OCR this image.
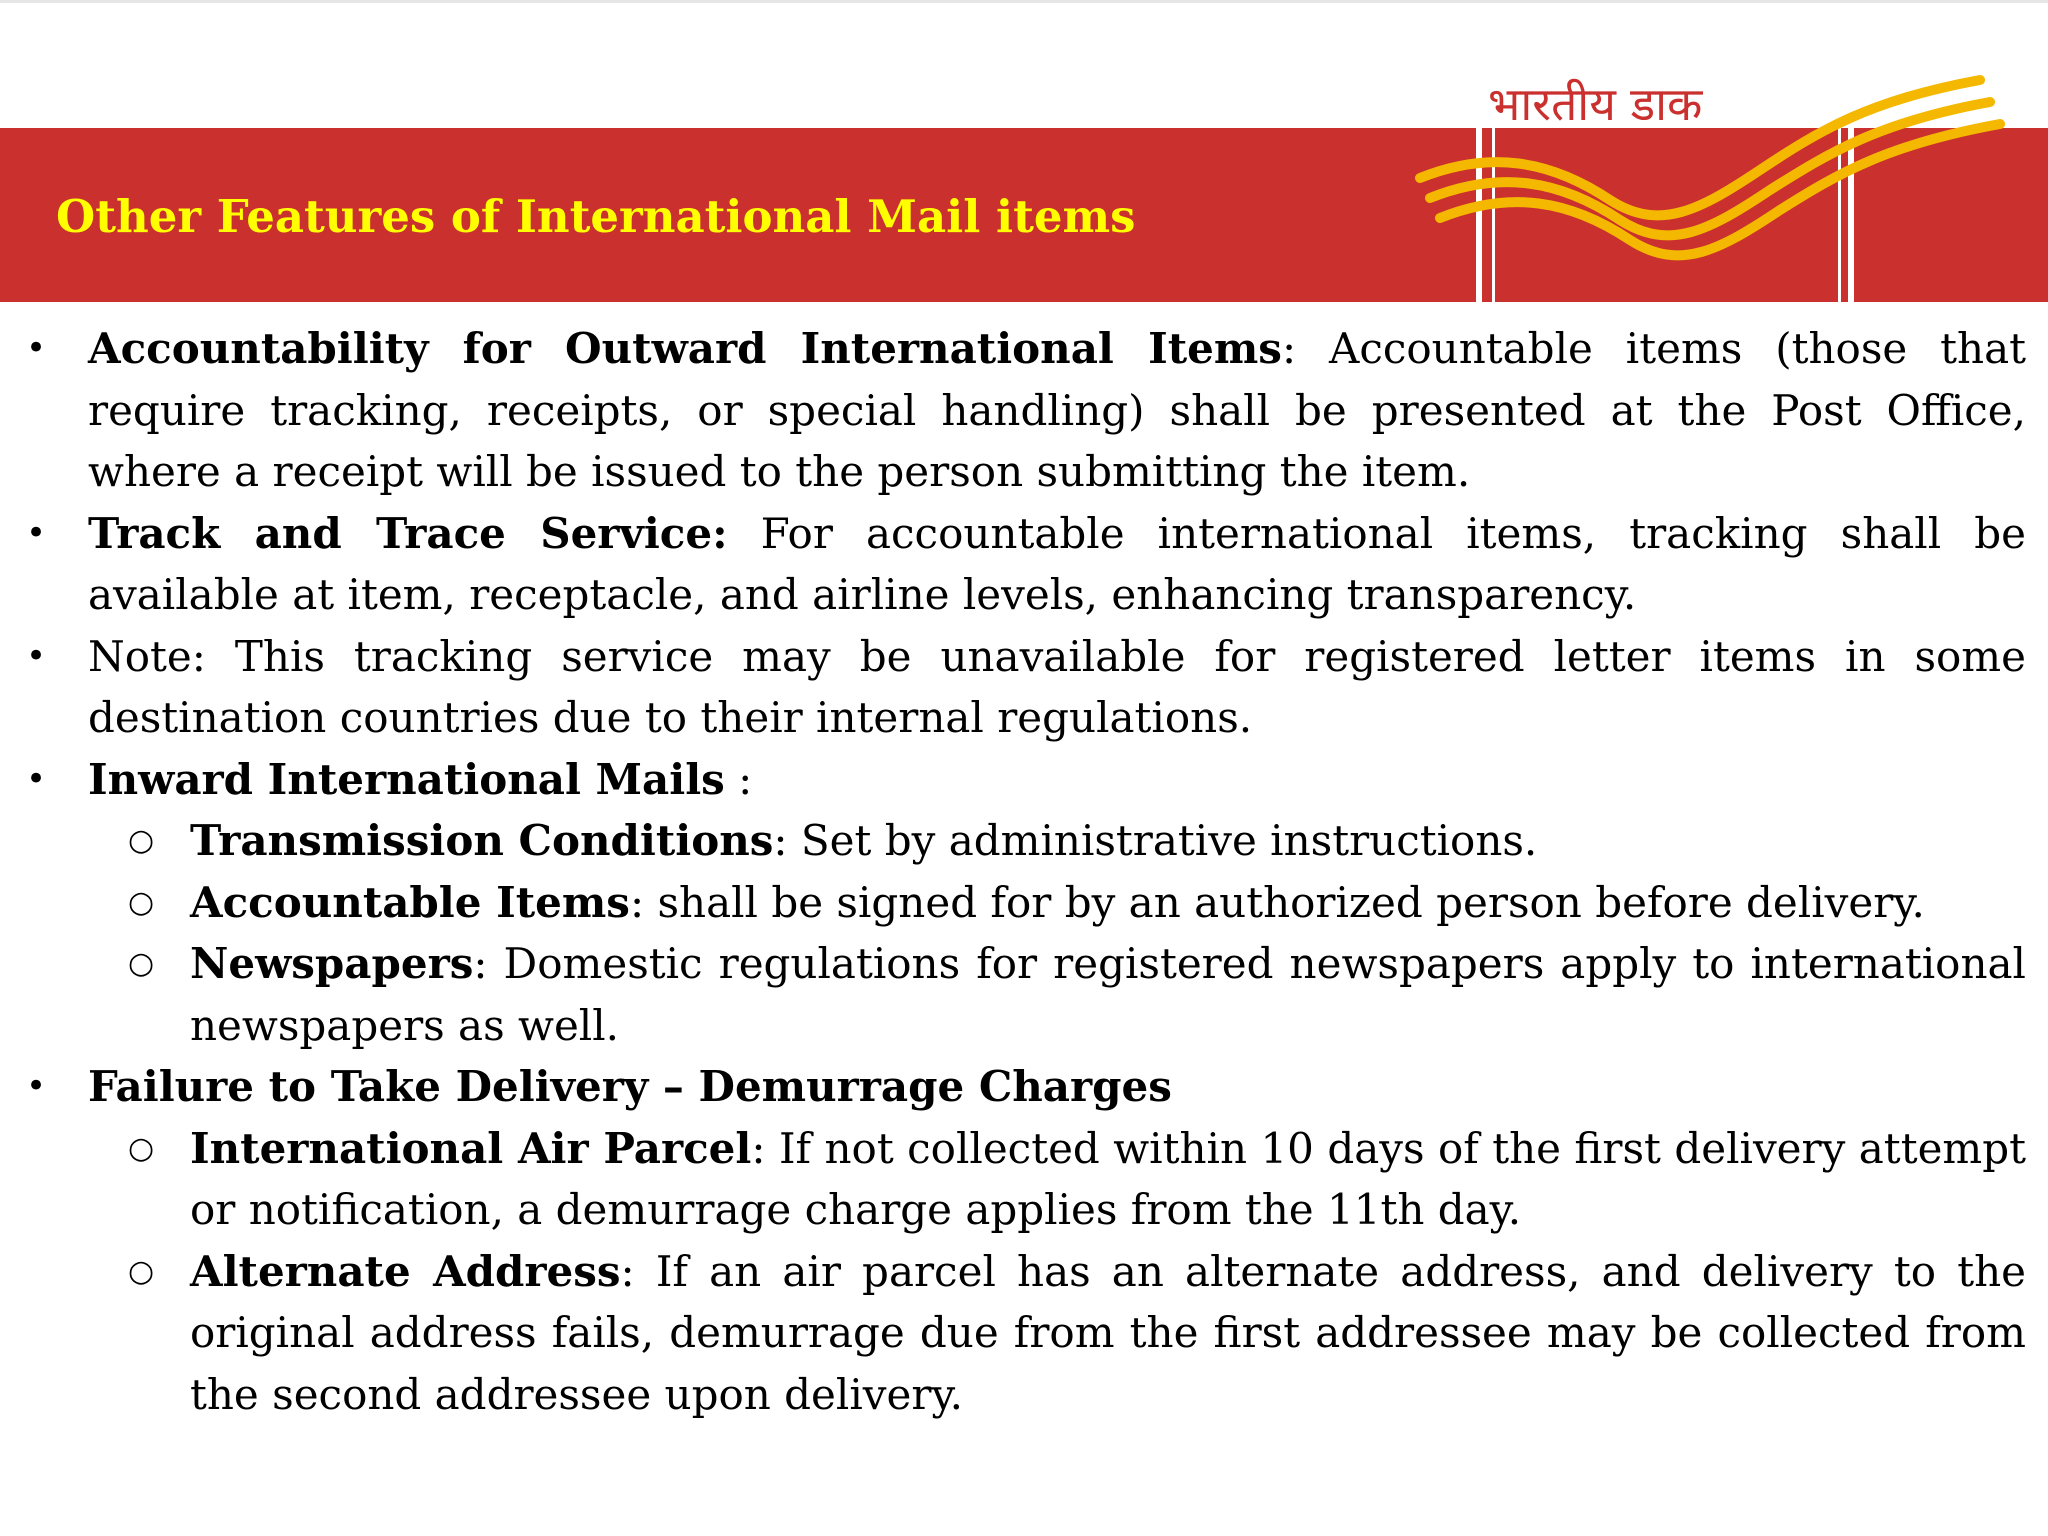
Other Features of International Mail items
भारतीय डाक
• Accountability for Outward International Items: Accountable items (those that require tracking, receipts, or special handling) shall be presented at the Post Office, where a receipt will be issued to the person submitting the item.
• Track and Trace Service: For accountable international items, tracking shall be available at item, receptacle, and airline levels, enhancing transparency.
• Note: This tracking service may be unavailable for registered letter items in some destination countries due to their internal regulations.
• Inward International Mails :
○ Transmission Conditions: Set by administrative instructions.
○ Accountable Items: shall be signed for by an authorized person before delivery.
○ Newspapers: Domestic regulations for registered newspapers apply to international newspapers as well.
• Failure to Take Delivery – Demurrage Charges
○ International Air Parcel: If not collected within 10 days of the first delivery attempt or notification, a demurrage charge applies from the 11th day.
○ Alternate Address: If an air parcel has an alternate address, and delivery to the original address fails, demurrage due from the first addressee may be collected from the second addressee upon delivery.
